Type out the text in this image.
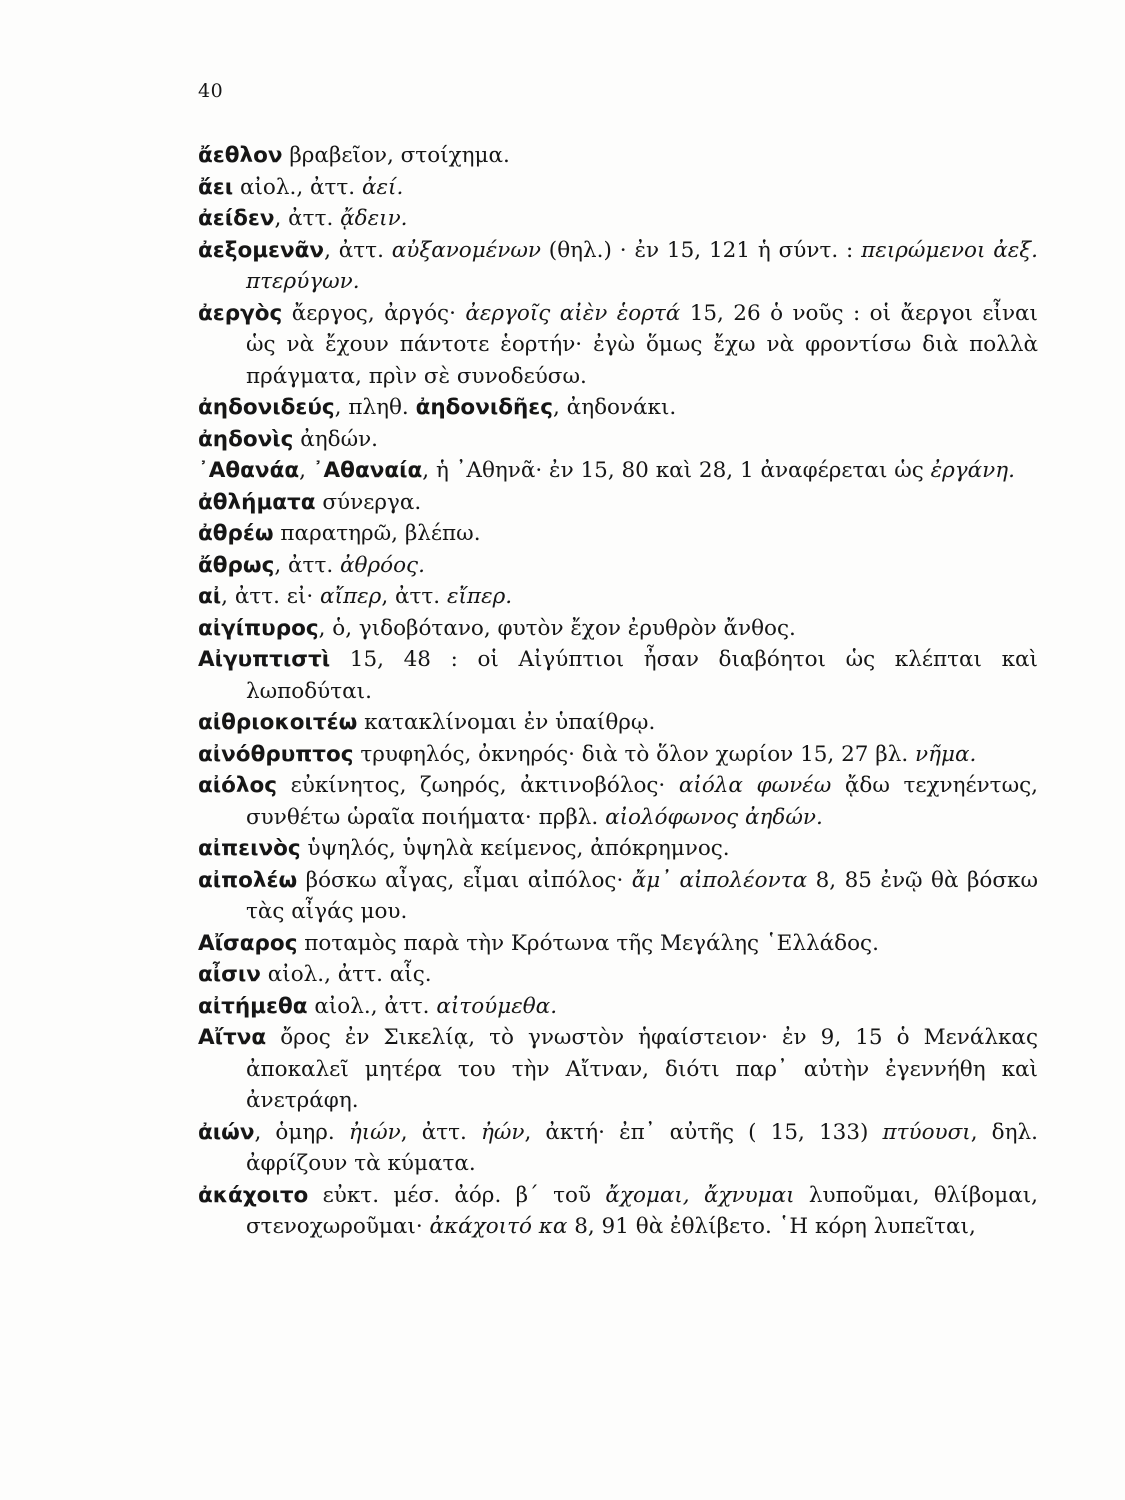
40

ἄεθλον βραβεῖον, στοίχημα.

ἄει αἰολ., ἀττ. ἀεί.

ἀείδεν, ἀττ. ᾄδειν.

ἀεξομενᾶν, ἀττ. αὐξανομένων (θηλ.) · ἐν 15, 121 ἡ σύντ. : πειρώμενοι ἀεξ. πτερύγων.

ἀεργὸς ἄεργος, ἀργός· ἀεργοῖς αἰὲν ἑορτά 15, 26 ὁ νοῦς : οἱ ἄεργοι εἶναι ὡς νὰ ἔχουν πάντοτε ἑορτήν· ἐγὼ ὅμως ἔχω νὰ φροντίσω διὰ πολλὰ πράγματα, πρὶν σὲ συνοδεύσω.

ἀηδονιδεύς, πληθ. ἀηδονιδῆες, ἀηδονάκι.

ἀηδονὶς ἀηδών.

᾽Αθανάα, ᾽Αθαναία, ἡ ᾽Αθηνᾶ· ἐν 15, 80 καὶ 28, 1 ἀναφέρεται ὡς ἐργάνη.

ἀθλήματα σύνεργα.

ἀθρέω παρατηρῶ, βλέπω.

ἄθρως, ἀττ. ἀθρόος.

αἰ, ἀττ. εἰ· αἴπερ, ἀττ. εἴπερ.

αἰγίπυρος, ὁ, γιδοβότανο, φυτὸν ἔχον ἐρυθρὸν ἄνθος.

Αἰγυπτιστὶ 15, 48 : οἱ Αἰγύπτιοι ἦσαν διαβόητοι ὡς κλέπται καὶ λωποδύται.

αἰθριοκοιτέω κατακλίνομαι ἐν ὑπαίθρῳ.

αἰνόθρυπτος τρυφηλός, ὀκνηρός· διὰ τὸ ὅλον χωρίον 15, 27 βλ. νῆμα.

αἰόλος εὐκίνητος, ζωηρός, ἀκτινοβόλος· αἰόλα φωνέω ᾄδω τεχνηέντως, συνθέτω ὡραῖα ποιήματα· πρβλ. αἰολόφωνος ἀηδών.

αἰπεινὸς ὑψηλός, ὑψηλὰ κείμενος, ἀπόκρημνος.

αἰπολέω βόσκω αἶγας, εἶμαι αἰπόλος· ἄμ᾽ αἰπολέοντα 8, 85 ἐνῷ θὰ βόσκω τὰς αἶγάς μου.

Αἴσαρος ποταμὸς παρὰ τὴν Κρότωνα τῆς Μεγάλης ῾Ελλάδος.

αἶσιν αἰολ., ἀττ. αἷς.

αἰτήμεθα αἰολ., ἀττ. αἰτούμεθα.

Αἴτνα ὄρος ἐν Σικελίᾳ, τὸ γνωστὸν ἡφαίστειον· ἐν 9, 15 ὁ Μενάλκας ἀποκαλεῖ μητέρα του τὴν Αἴτναν, διότι παρ᾽ αὐτὴν ἐγεννήθη καὶ ἀνετράφη.

ἀιών, ὁμηρ. ἠιών, ἀττ. ἠών, ἀκτή· ἐπ᾽ αὐτῆς ( 15, 133) πτύουσι, δηλ. ἀφρίζουν τὰ κύματα.

ἀκάχοιτο εὐκτ. μέσ. ἀόρ. β΄ τοῦ ἄχομαι, ἄχνυμαι λυποῦμαι, θλίβομαι, στενοχωροῦμαι· ἀκάχοιτό κα 8, 91 θὰ ἐθλίβετο. ῾Η κόρη λυπεῖται,
